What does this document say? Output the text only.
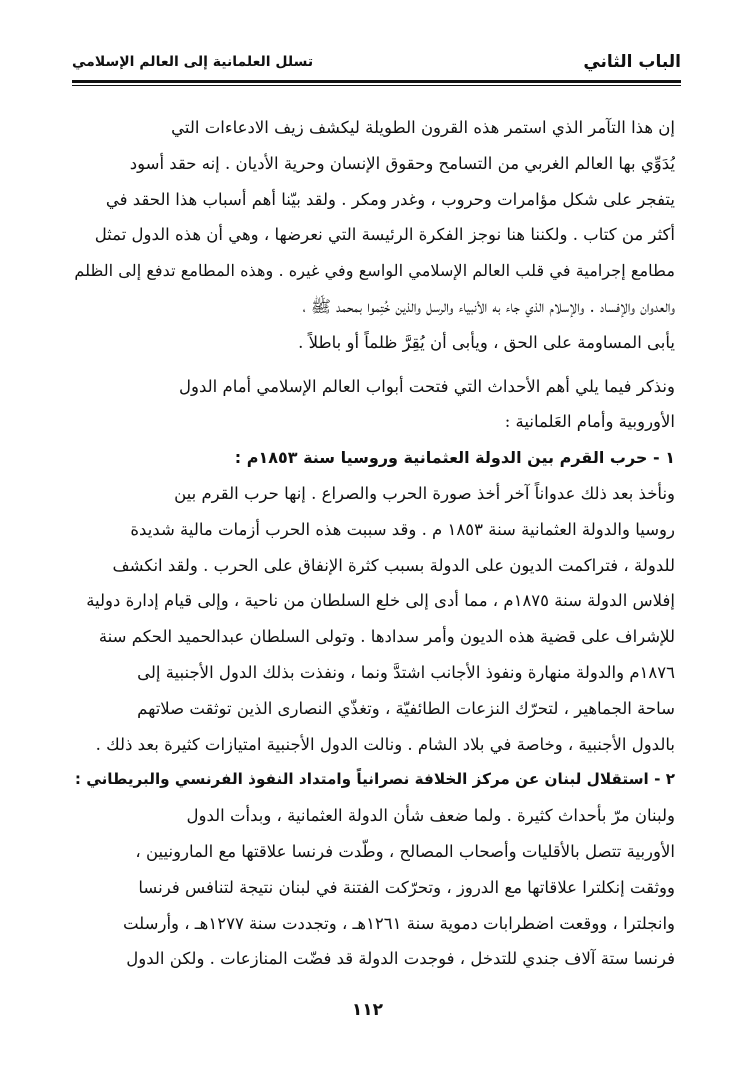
الباب الثاني
تسلل العلمانية إلى العالم الإسلامي
إن هذا التآمر الذي استمر هذه القرون الطويلة ليكشف زيف الادعاءات التي
يُدَوِّي بها العالم الغربي من التسامح وحقوق الإنسان وحرية الأديان . إنه حقد أسود
يتفجر على شكل مؤامرات وحروب ، وغدر ومكر . ولقد بيّنا أهم أسباب هذا الحقد في
أكثر من كتاب . ولكننا هنا نوجز الفكرة الرئيسة التي نعرضها ، وهي أن هذه الدول تمثل
مطامع إجرامية في قلب العالم الإسلامي الواسع وفي غيره . وهذه المطامع تدفع إلى الظلم
والعدوان والإفساد . والإسلام الذي جاء به الأنبياء والرسل والذين خُتِموا بمحمد ﷺ ،
يأبى المساومة على الحق ، ويأبى أن يُقِرَّ ظلماً أو باطلاً .
ونذكر فيما يلي أهم الأحداث التي فتحت أبواب العالم الإسلامي أمام الدول
الأوروبية وأمام العَلمانية :
١ - حرب القرم بين الدولة العثمانية وروسيا سنة ١٨٥٣م :
ونأخذ بعد ذلك عدواناً آخر أخذ صورة الحرب والصراع . إنها حرب القرم بين
روسيا والدولة العثمانية سنة ١٨٥٣ م . وقد سببت هذه الحرب أزمات مالية شديدة
للدولة ، فتراكمت الديون على الدولة بسبب كثرة الإنفاق على الحرب . ولقد انكشف
إفلاس الدولة سنة ١٨٧٥م ، مما أدى إلى خلع السلطان من ناحية ، وإلى قيام إدارة دولية
للإشراف على قضية هذه الديون وأمر سدادها . وتولى السلطان عبدالحميد الحكم سنة
١٨٧٦م والدولة منهارة ونفوذ الأجانب اشتدَّ ونما ، ونفذت بذلك الدول الأجنبية إلى
ساحة الجماهير ، لتحرّك النزعات الطائفيّة ، وتغذّي النصارى الذين توثقت صلاتهم
بالدول الأجنبية ، وخاصة في بلاد الشام . ونالت الدول الأجنبية امتيازات كثيرة بعد ذلك .
٢ - استقلال لبنان عن مركز الخلافة نصرانياً وامتداد النفوذ الفرنسي والبريطاني :
ولبنان مرّ بأحداث كثيرة . ولما ضعف شأن الدولة العثمانية ، وبدأت الدول
الأوربية تتصل بالأقليات وأصحاب المصالح ، وطّدت فرنسا علاقتها مع المارونيين ،
ووثقت إنكلترا علاقاتها مع الدروز ، وتحرّكت الفتنة في لبنان نتيجة لتنافس فرنسا
وانجلترا ، ووقعت اضطرابات دموية سنة ١٢٦١هـ ، وتجددت سنة ١٢٧٧هـ ، وأرسلت
فرنسا ستة آلاف جندي للتدخل ، فوجدت الدولة قد فضّت المنازعات . ولكن الدول
١١٢
